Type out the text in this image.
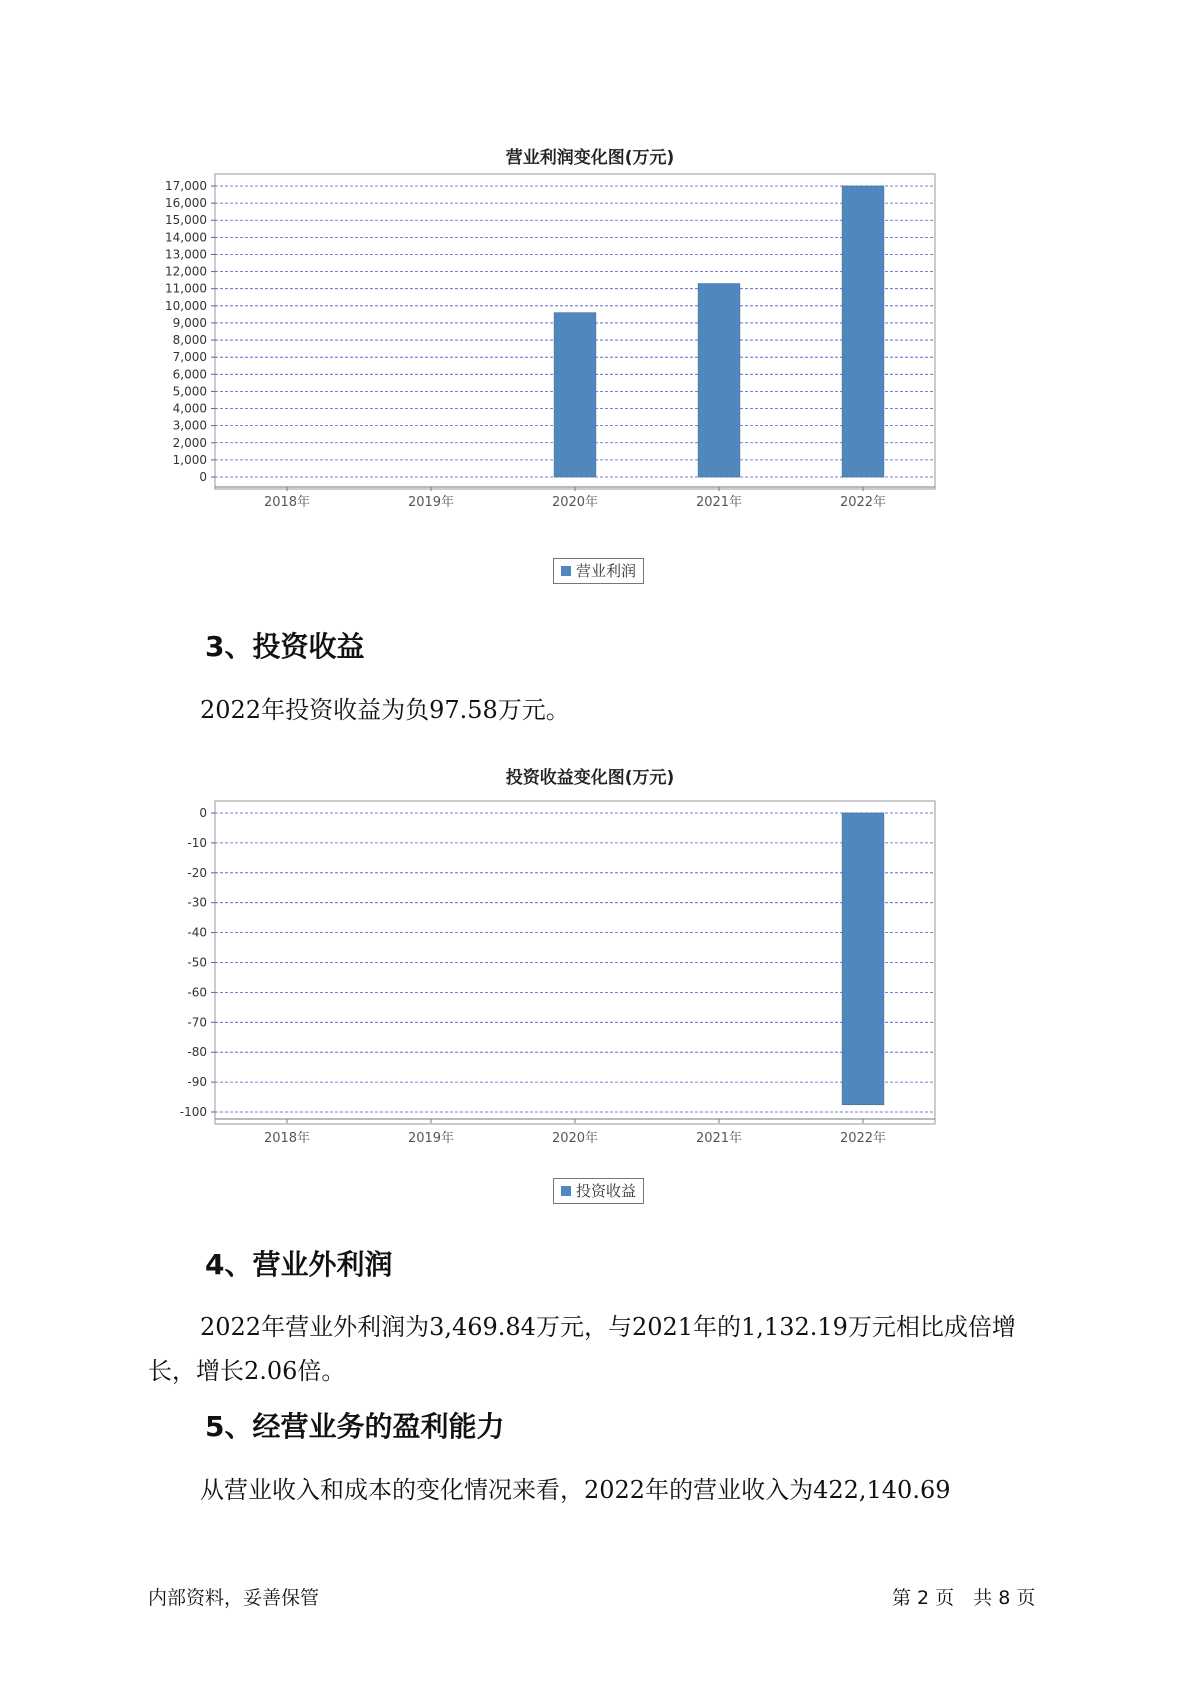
营业利润变化图(万元)
0
1,000
2,000
3,000
4,000
5,000
6,000
7,000
8,000
9,000
10,000
11,000
12,000
13,000
14,000
15,000
16,000
17,000
2018年	2019年	2020年	2021年	2022年
营业利润
3、投资收益
2022年投资收益为负97.58万元。
投资收益变化图(万元)
0
-10
-20
-30
-40
-50
-60
-70
-80
-90
-100
2018年	2019年	2020年	2021年	2022年
投资收益
4、营业外利润
2022年营业外利润为3,469.84万元，与2021年的1,132.19万元相比成倍增长，增长2.06倍。
5、经营业务的盈利能力
从营业收入和成本的变化情况来看，2022年的营业收入为422,140.69
内部资料，妥善保管	第 2 页　共 8 页
